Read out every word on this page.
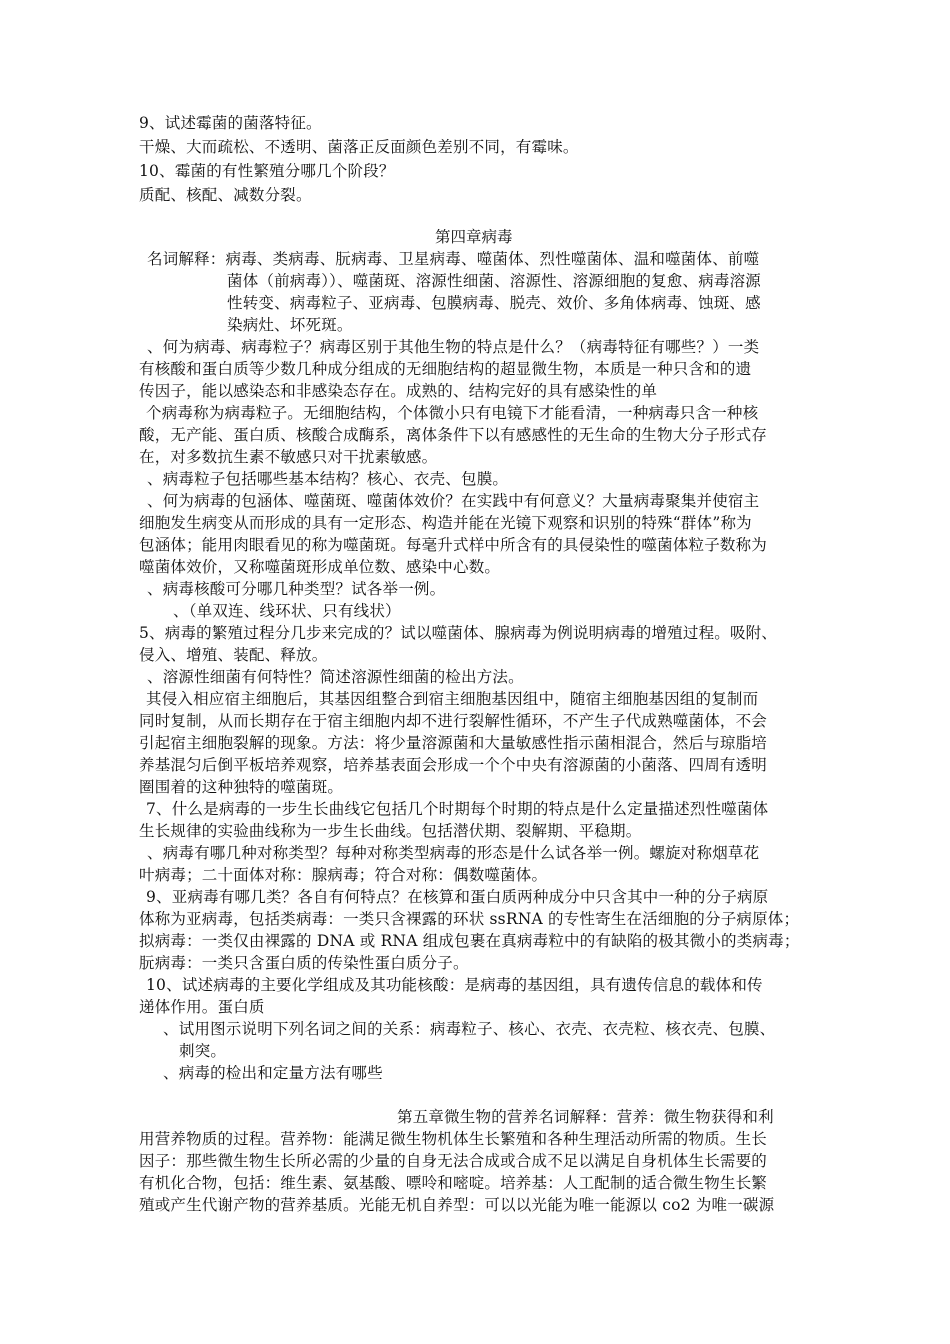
9、试述霉菌的菌落特征。
干燥、大而疏松、不透明、菌落正反面颜色差别不同，有霉味。
10、霉菌的有性繁殖分哪几个阶段？
质配、核配、减数分裂。
第四章病毒
名词解释：病毒、类病毒、朊病毒、卫星病毒、噬菌体、烈性噬菌体、温和噬菌体、前噬
菌体（前病毒））、噬菌斑、溶源性细菌、溶源性、溶源细胞的复愈、病毒溶源
性转变、病毒粒子、亚病毒、包膜病毒、脱壳、效价、多角体病毒、蚀斑、感
染病灶、坏死斑。
、何为病毒、病毒粒子？病毒区别于其他生物的特点是什么？（病毒特征有哪些？）一类
有核酸和蛋白质等少数几种成分组成的无细胞结构的超显微生物，本质是一种只含和的遗
传因子，能以感染态和非感染态存在。成熟的、结构完好的具有感染性的单
个病毒称为病毒粒子。无细胞结构，个体微小只有电镜下才能看清，一种病毒只含一种核
酸，无产能、蛋白质、核酸合成酶系，离体条件下以有感感性的无生命的生物大分子形式存
在，对多数抗生素不敏感只对干扰素敏感。
、病毒粒子包括哪些基本结构？核心、衣壳、包膜。
、何为病毒的包涵体、噬菌斑、噬菌体效价？在实践中有何意义？大量病毒聚集并使宿主
细胞发生病变从而形成的具有一定形态、构造并能在光镜下观察和识别的特殊“群体”称为
包涵体；能用肉眼看见的称为噬菌斑。每毫升式样中所含有的具侵染性的噬菌体粒子数称为
噬菌体效价，又称噬菌斑形成单位数、感染中心数。
、病毒核酸可分哪几种类型？试各举一例。
、（单双连、线环状、只有线状）
5、病毒的繁殖过程分几步来完成的？试以噬菌体、腺病毒为例说明病毒的增殖过程。吸附、
侵入、增殖、装配、释放。
、溶源性细菌有何特性？简述溶源性细菌的检出方法。
其侵入相应宿主细胞后，其基因组整合到宿主细胞基因组中，随宿主细胞基因组的复制而
同时复制，从而长期存在于宿主细胞内却不进行裂解性循环，不产生子代成熟噬菌体，不会
引起宿主细胞裂解的现象。方法：将少量溶源菌和大量敏感性指示菌相混合，然后与琼脂培
养基混匀后倒平板培养观察，培养基表面会形成一个个中央有溶源菌的小菌落、四周有透明
圈围着的这种独特的噬菌斑。
7、什么是病毒的一步生长曲线它包括几个时期每个时期的特点是什么定量描述烈性噬菌体
生长规律的实验曲线称为一步生长曲线。包括潜伏期、裂解期、平稳期。
、病毒有哪几种对称类型？每种对称类型病毒的形态是什么试各举一例。螺旋对称烟草花
叶病毒；二十面体对称：腺病毒；符合对称：偶数噬菌体。
9、亚病毒有哪几类？各自有何特点？在核算和蛋白质两种成分中只含其中一种的分子病原
体称为亚病毒，包括类病毒：一类只含裸露的环状 ssRNA 的专性寄生在活细胞的分子病原体；
拟病毒：一类仅由裸露的 DNA 或 RNA 组成包裹在真病毒粒中的有缺陷的极其微小的类病毒；
朊病毒：一类只含蛋白质的传染性蛋白质分子。
10、试述病毒的主要化学组成及其功能核酸：是病毒的基因组，具有遗传信息的载体和传
递体作用。蛋白质
、试用图示说明下列名词之间的关系：病毒粒子、核心、衣壳、衣壳粒、核衣壳、包膜、
刺突。
、病毒的检出和定量方法有哪些
第五章微生物的营养名词解释：营养：微生物获得和利
用营养物质的过程。营养物：能满足微生物机体生长繁殖和各种生理活动所需的物质。生长
因子：那些微生物生长所必需的少量的自身无法合成或合成不足以满足自身机体生长需要的
有机化合物，包括：维生素、氨基酸、嘌呤和嘧啶。培养基：人工配制的适合微生物生长繁
殖或产生代谢产物的营养基质。光能无机自养型：可以以光能为唯一能源以 co2 为唯一碳源
